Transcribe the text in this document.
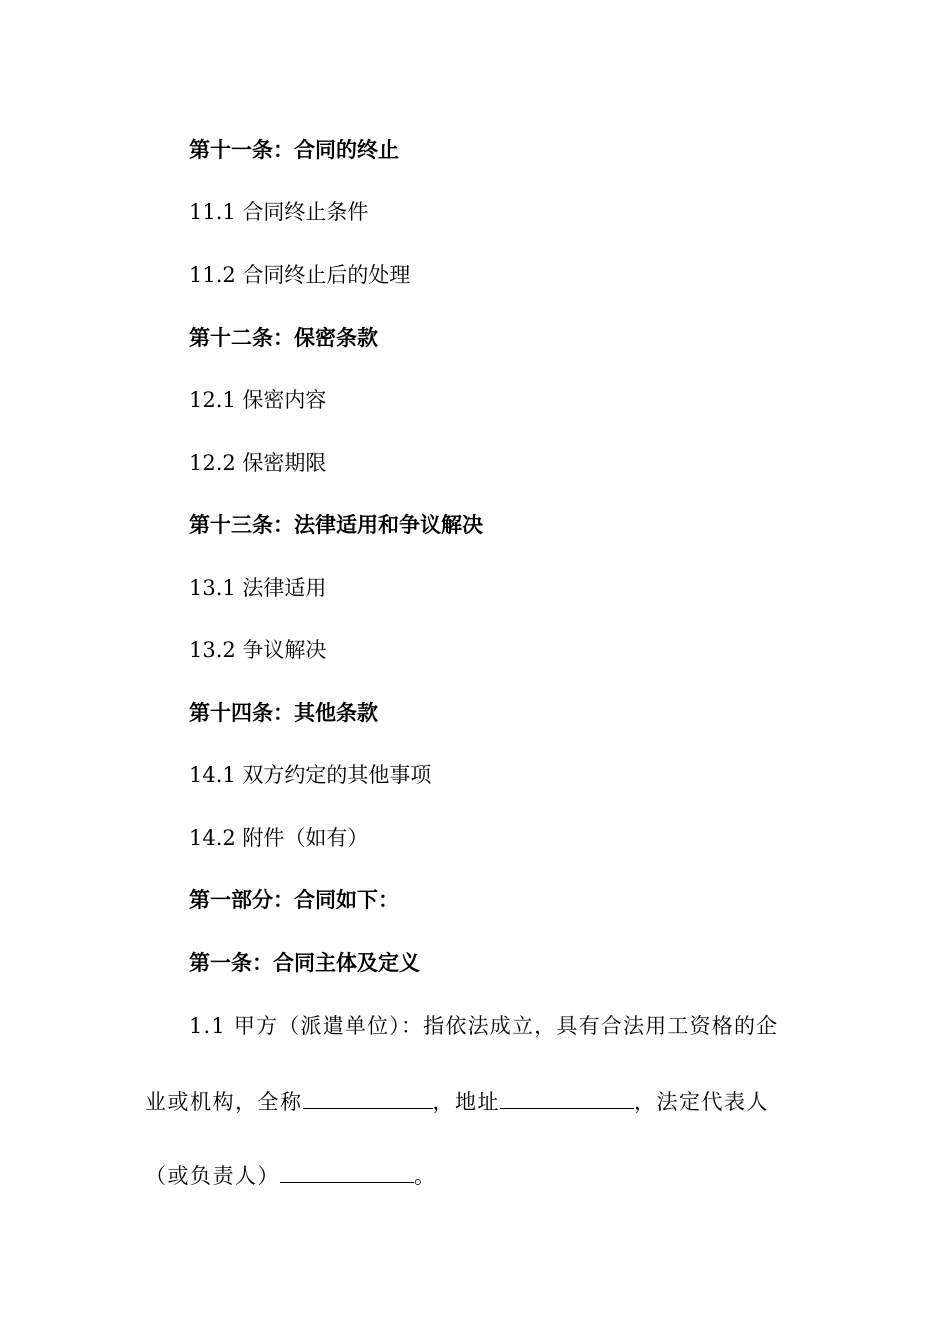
第十一条：合同的终止
11.1 合同终止条件
11.2 合同终止后的处理
第十二条：保密条款
12.1 保密内容
12.2 保密期限
第十三条：法律适用和争议解决
13.1 法律适用
13.2 争议解决
第十四条：其他条款
14.1 双方约定的其他事项
14.2 附件（如有）
第一部分：合同如下：
第一条：合同主体及定义
1.1 甲方（派遣单位）：指依法成立，具有合法用工资格的企
业或机构，全称	，地址	，法定代表人
（或负责人）	。
